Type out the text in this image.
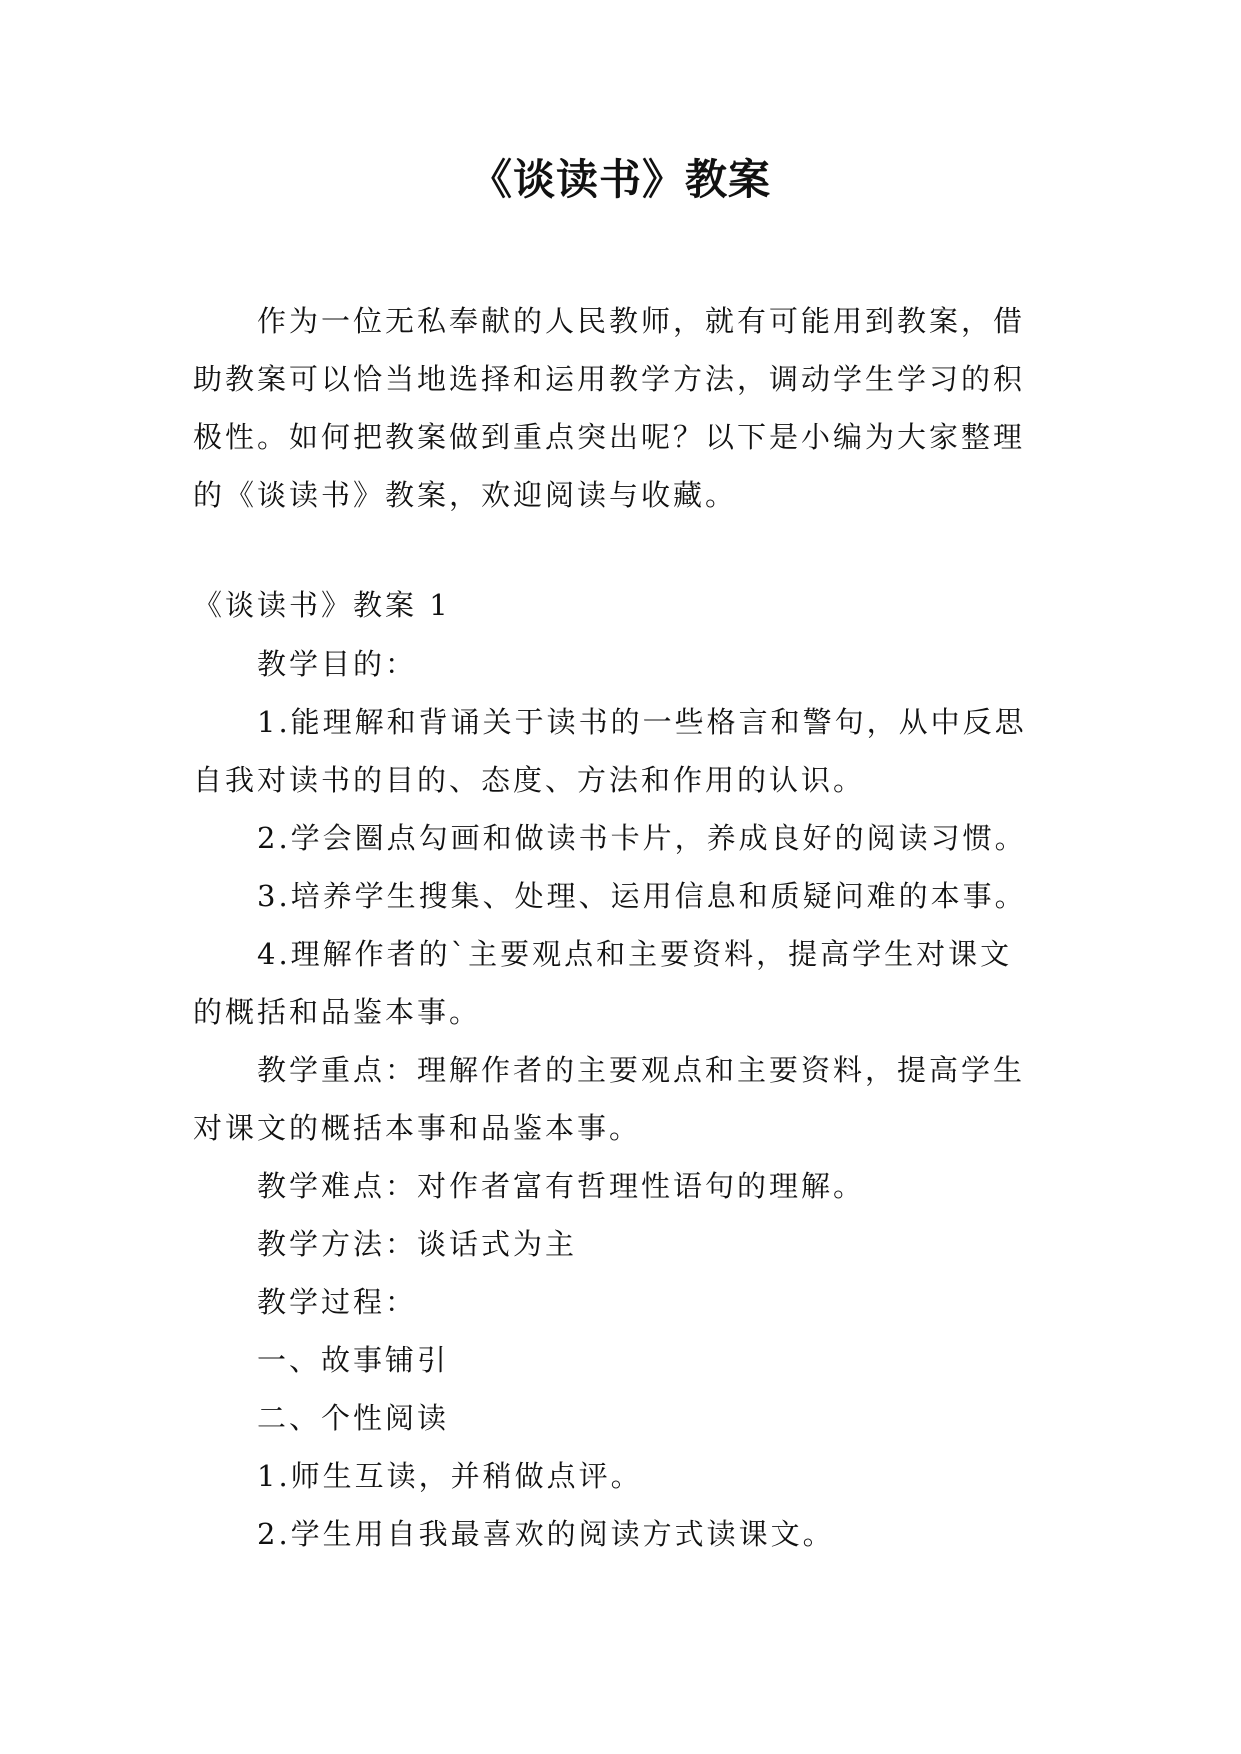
《谈读书》教案
作为一位无私奉献的人民教师，就有可能用到教案，借
助教案可以恰当地选择和运用教学方法，调动学生学习的积
极性。如何把教案做到重点突出呢？以下是小编为大家整理
的《谈读书》教案，欢迎阅读与收藏。
《谈读书》教案 1
教学目的：
1.能理解和背诵关于读书的一些格言和警句，从中反思
自我对读书的目的、态度、方法和作用的认识。
2.学会圈点勾画和做读书卡片，养成良好的阅读习惯。
3.培养学生搜集、处理、运用信息和质疑问难的本事。
4.理解作者的`主要观点和主要资料，提高学生对课文
的概括和品鉴本事。
教学重点：理解作者的主要观点和主要资料，提高学生
对课文的概括本事和品鉴本事。
教学难点：对作者富有哲理性语句的理解。
教学方法：谈话式为主
教学过程：
一、故事铺引
二、个性阅读
1.师生互读，并稍做点评。
2.学生用自我最喜欢的阅读方式读课文。
